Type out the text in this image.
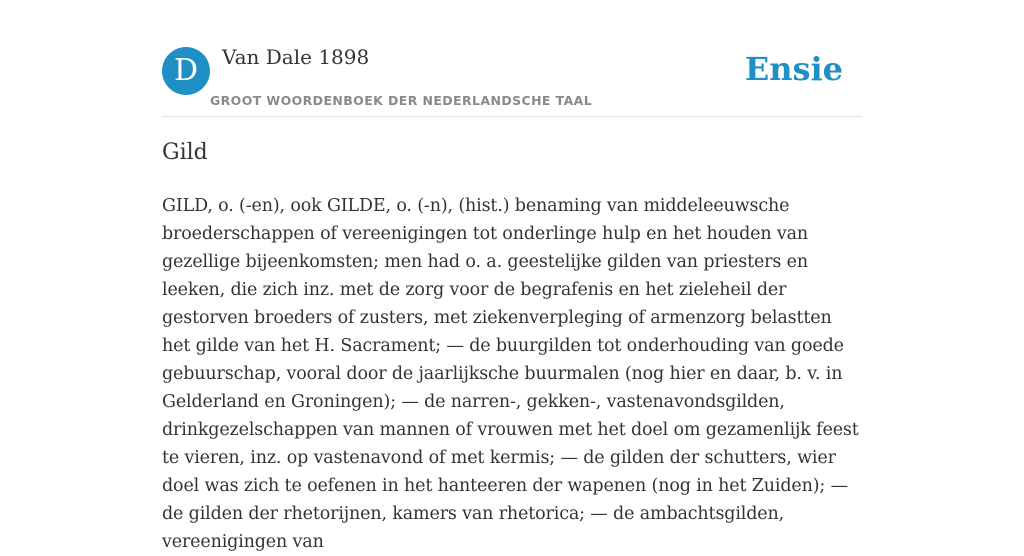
D	Van Dale 1898
GROOT WOORDENBOEK DER NEDERLANDSCHE TAAL
Ensie
Gild

GILD, o. (-en), ook GILDE, o. (-n), (hist.) benaming van middeleeuwsche broederschappen of vereenigingen tot onderlinge hulp en het houden van gezellige bijeenkomsten; men had o. a. geestelijke gilden van priesters en leeken, die zich inz. met de zorg voor de begrafenis en het zieleheil der gestorven broeders of zusters, met ziekenverpleging of armenzorg belastten het gilde van het H. Sacrament; — de buurgilden tot onderhouding van goede gebuurschap, vooral door de jaarlijksche buurmalen (nog hier en daar, b. v. in Gelderland en Groningen); — de narren-, gekken-, vastenavondsgilden, drinkgezelschappen van mannen of vrouwen met het doel om gezamenlijk feest te vieren, inz. op vastenavond of met kermis; — de gilden der schutters, wier doel was zich te oefenen in het hanteeren der wapenen (nog in het Zuiden); — de gilden der rhetorijnen, kamers van rhetorica; — de ambachtsgilden, vereenigingen van
